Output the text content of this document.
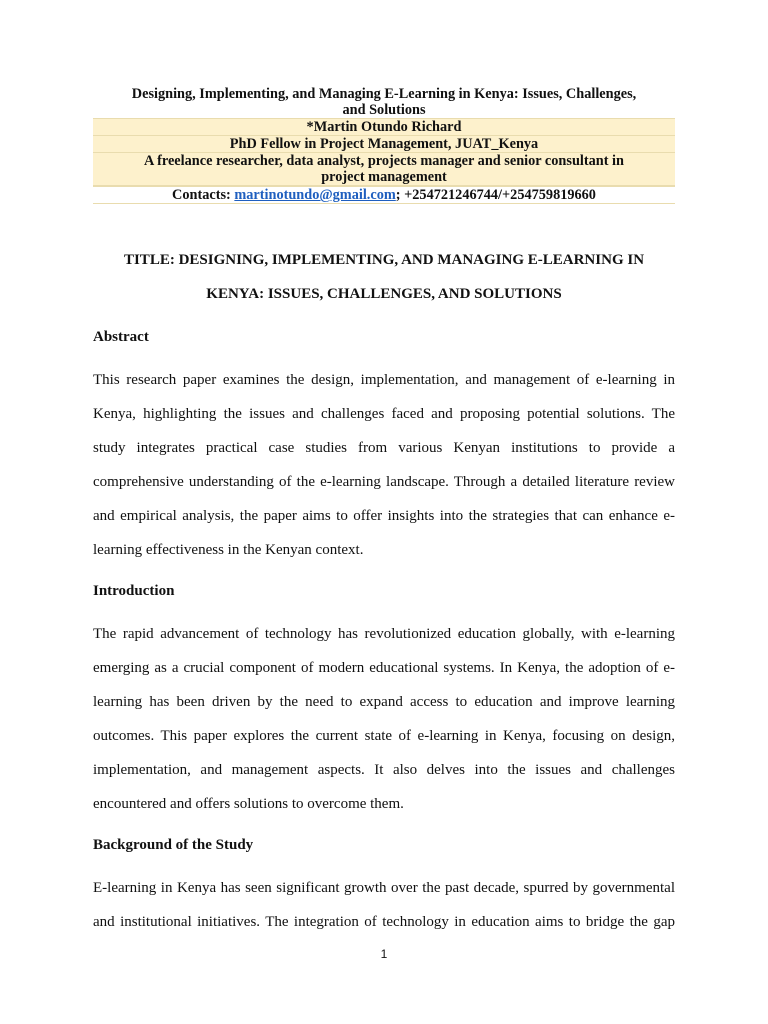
Designing, Implementing, and Managing E-Learning in Kenya: Issues, Challenges,
and Solutions
*Martin Otundo Richard
PhD Fellow in Project Management, JUAT_Kenya
A freelance researcher, data analyst, projects manager and senior consultant in
project management
Contacts: martinotundo@gmail.com; +254721246744/+254759819660
TITLE: DESIGNING, IMPLEMENTING, AND MANAGING E-LEARNING IN
KENYA: ISSUES, CHALLENGES, AND SOLUTIONS
Abstract
This research paper examines the design, implementation, and management of e-learning in
Kenya, highlighting the issues and challenges faced and proposing potential solutions. The
study integrates practical case studies from various Kenyan institutions to provide a
comprehensive understanding of the e-learning landscape. Through a detailed literature review
and empirical analysis, the paper aims to offer insights into the strategies that can enhance e-
learning effectiveness in the Kenyan context.
Introduction
The rapid advancement of technology has revolutionized education globally, with e-learning
emerging as a crucial component of modern educational systems. In Kenya, the adoption of e-
learning has been driven by the need to expand access to education and improve learning
outcomes. This paper explores the current state of e-learning in Kenya, focusing on design,
implementation, and management aspects. It also delves into the issues and challenges
encountered and offers solutions to overcome them.
Background of the Study
E-learning in Kenya has seen significant growth over the past decade, spurred by governmental
and institutional initiatives. The integration of technology in education aims to bridge the gap
1
